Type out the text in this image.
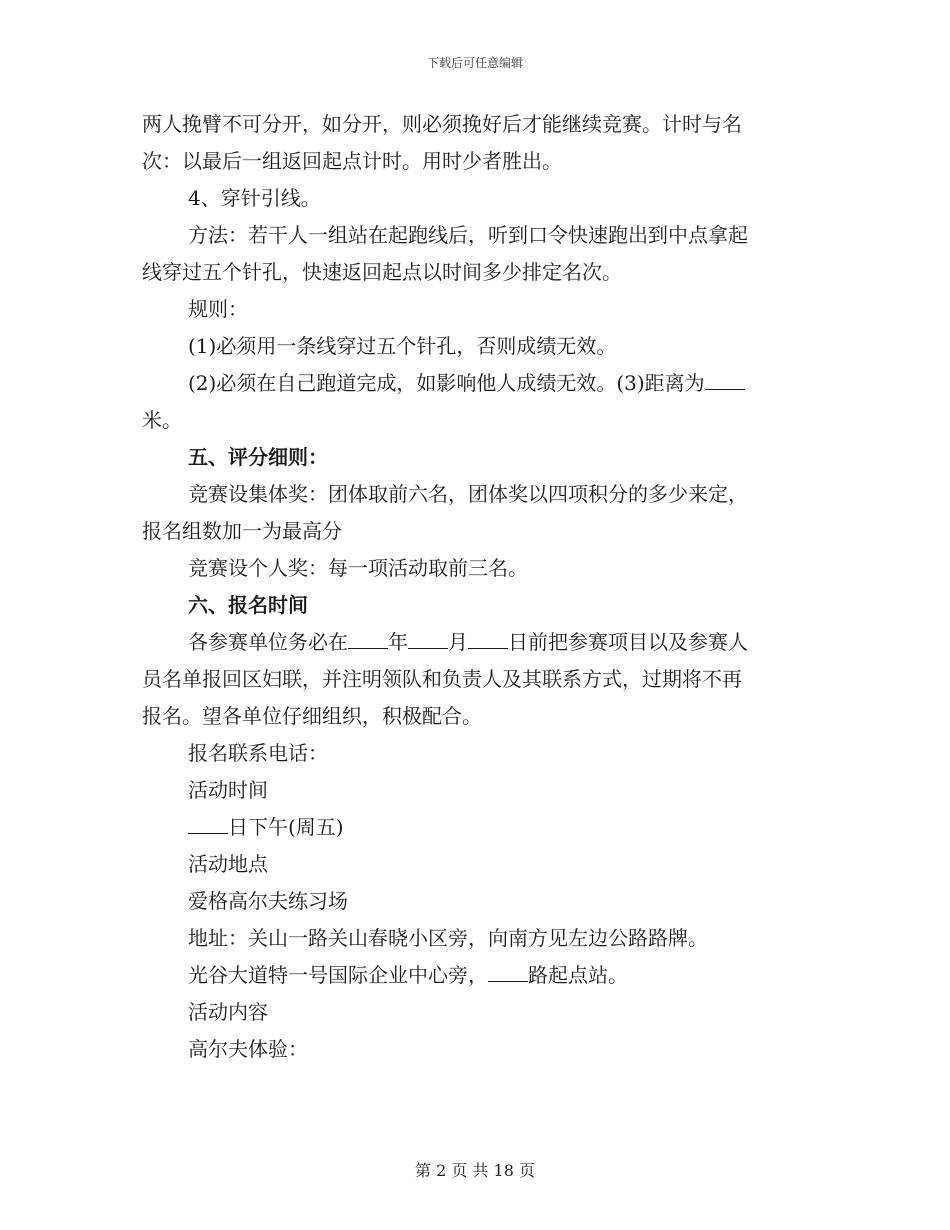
下载后可任意编辑
两人挽臂不可分开，如分开，则必须挽好后才能继续竞赛。计时与名
次：以最后一组返回起点计时。用时少者胜出。
4、穿针引线。
方法：若干人一组站在起跑线后，听到口令快速跑出到中点拿起
线穿过五个针孔，快速返回起点以时间多少排定名次。
规则：
(1)必须用一条线穿过五个针孔，否则成绩无效。
(2)必须在自己跑道完成，如影响他人成绩无效。(3)距离为
米。
五、评分细则：
竞赛设集体奖：团体取前六名，团体奖以四项积分的多少来定，
报名组数加一为最高分
竞赛设个人奖：每一项活动取前三名。
六、报名时间
各参赛单位务必在 年 月 日前把参赛项目以及参赛人
员名单报回区妇联，并注明领队和负责人及其联系方式，过期将不再
报名。望各单位仔细组织，积极配合。
报名联系电话：
活动时间
日下午(周五)
活动地点
爱格高尔夫练习场
地址：关山一路关山春晓小区旁，向南方见左边公路路牌。
光谷大道特一号国际企业中心旁， 路起点站。
活动内容
高尔夫体验：
第 2 页 共 18 页
